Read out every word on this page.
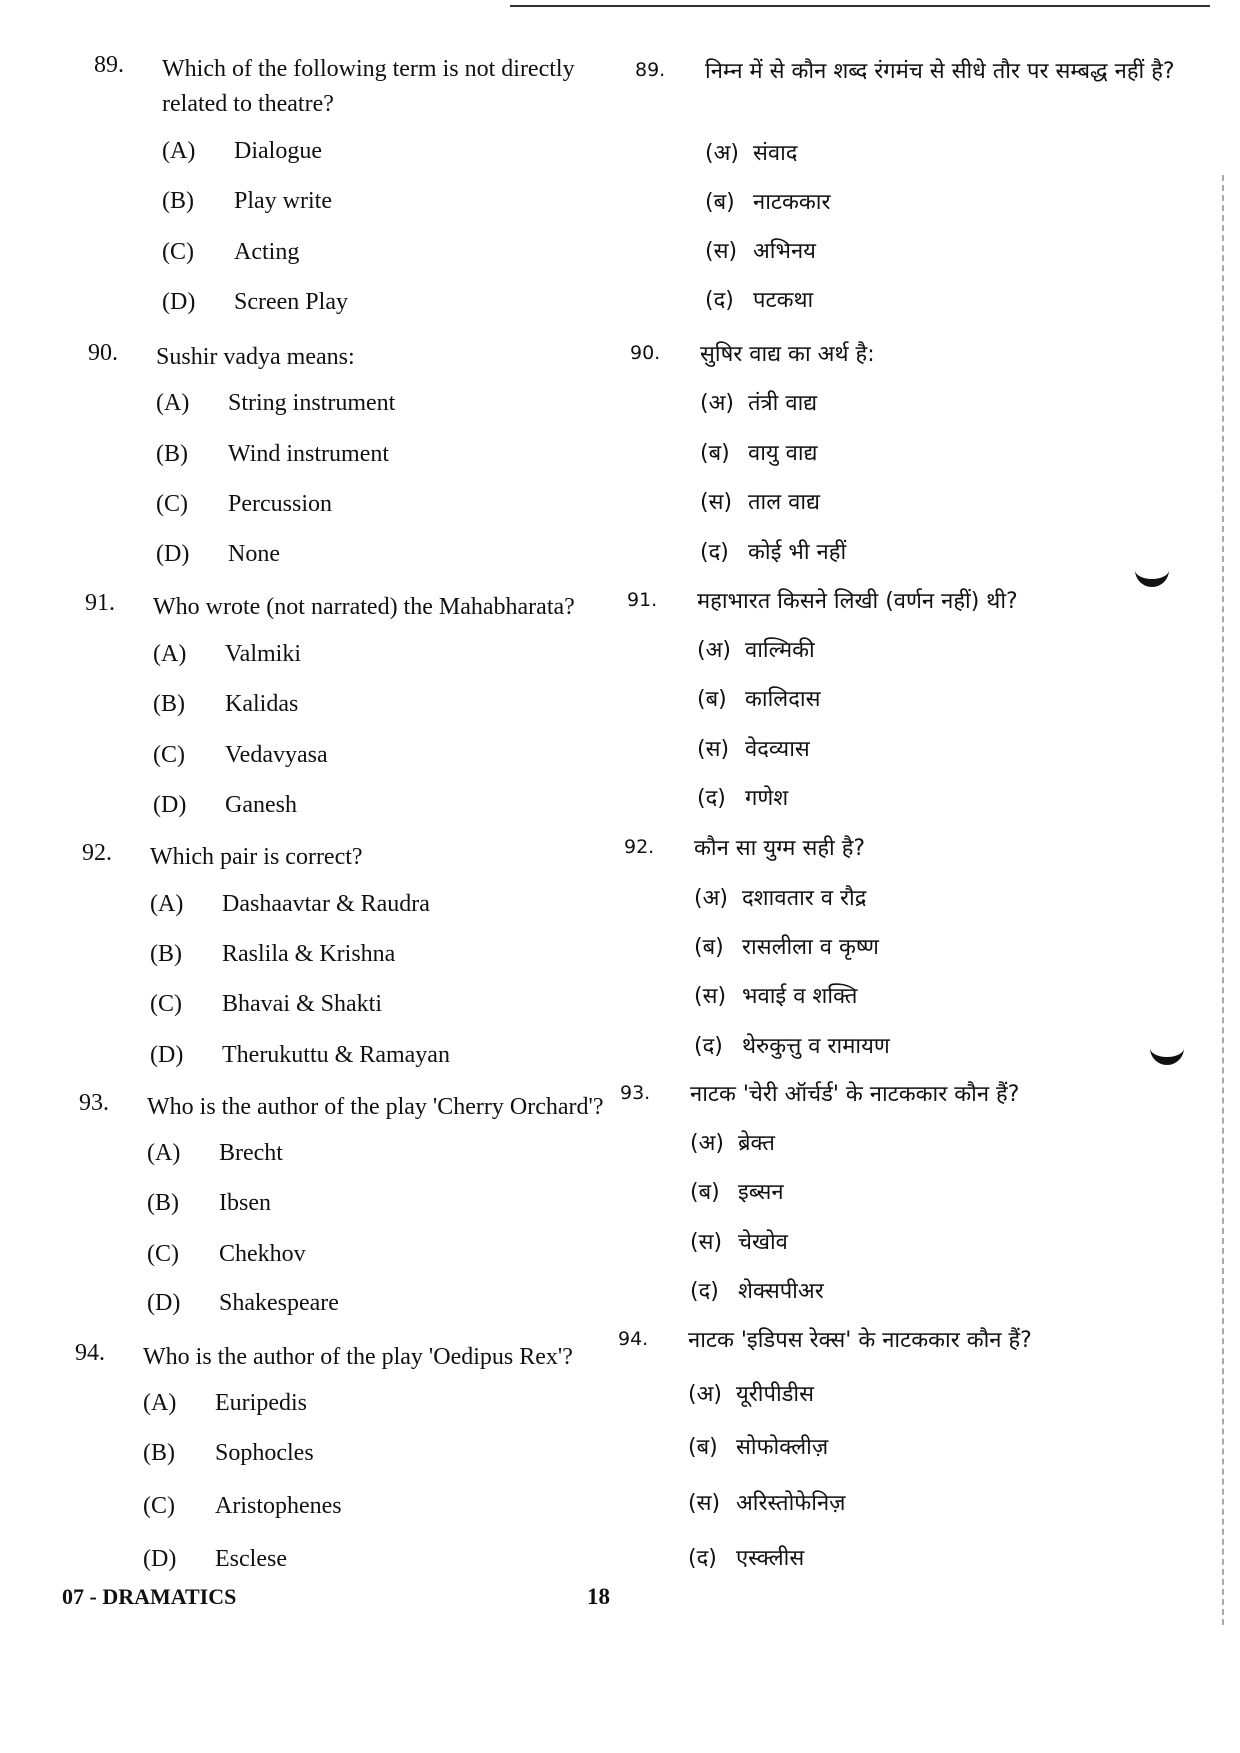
89. Which of the following term is not directly related to theatre?
(A) Dialogue
(B) Play write
(C) Acting
(D) Screen Play
89. निम्न में से कौन शब्द रंगमंच से सीधे तौर पर सम्बद्ध नहीं है?
(अ) संवाद
(ब) नाटककार
(स) अभिनय
(द) पटकथा
90. Sushir vadya means:
(A) String instrument
(B) Wind instrument
(C) Percussion
(D) None
90. सुषिर वाद्य का अर्थ है:
(अ) तंत्री वाद्य
(ब) वायु वाद्य
(स) ताल वाद्य
(द) कोई भी नहीं
91. Who wrote (not narrated) the Mahabharata?
(A) Valmiki
(B) Kalidas
(C) Vedavyasa
(D) Ganesh
91. महाभारत किसने लिखी (वर्णन नहीं) थी?
(अ) वाल्मिकी
(ब) कालिदास
(स) वेदव्यास
(द) गणेश
92. Which pair is correct?
(A) Dashaavtar & Raudra
(B) Raslila & Krishna
(C) Bhavai & Shakti
(D) Therukuttu & Ramayan
92. कौन सा युग्म सही है?
(अ) दशावतार व रौद्र
(ब) रासलीला व कृष्ण
(स) भवाई व शक्ति
(द) थेरुकुत्तु व रामायण
93. Who is the author of the play 'Cherry Orchard'?
(A) Brecht
(B) Ibsen
(C) Chekhov
(D) Shakespeare
93. नाटक 'चेरी ऑर्चर्ड' के नाटककार कौन हैं?
(अ) ब्रेक्त
(ब) इब्सन
(स) चेखोव
(द) शेक्सपीअर
94. Who is the author of the play 'Oedipus Rex'?
(A) Euripedis
(B) Sophocles
(C) Aristophenes
(D) Esclese
94. नाटक 'इडिपस रेक्स' के नाटककार कौन हैं?
(अ) यूरीपीडीस
(ब) सोफोक्लीज़
(स) अरिस्तोफेनिज़
(द) एस्क्लीस
07 - DRAMATICS	18
